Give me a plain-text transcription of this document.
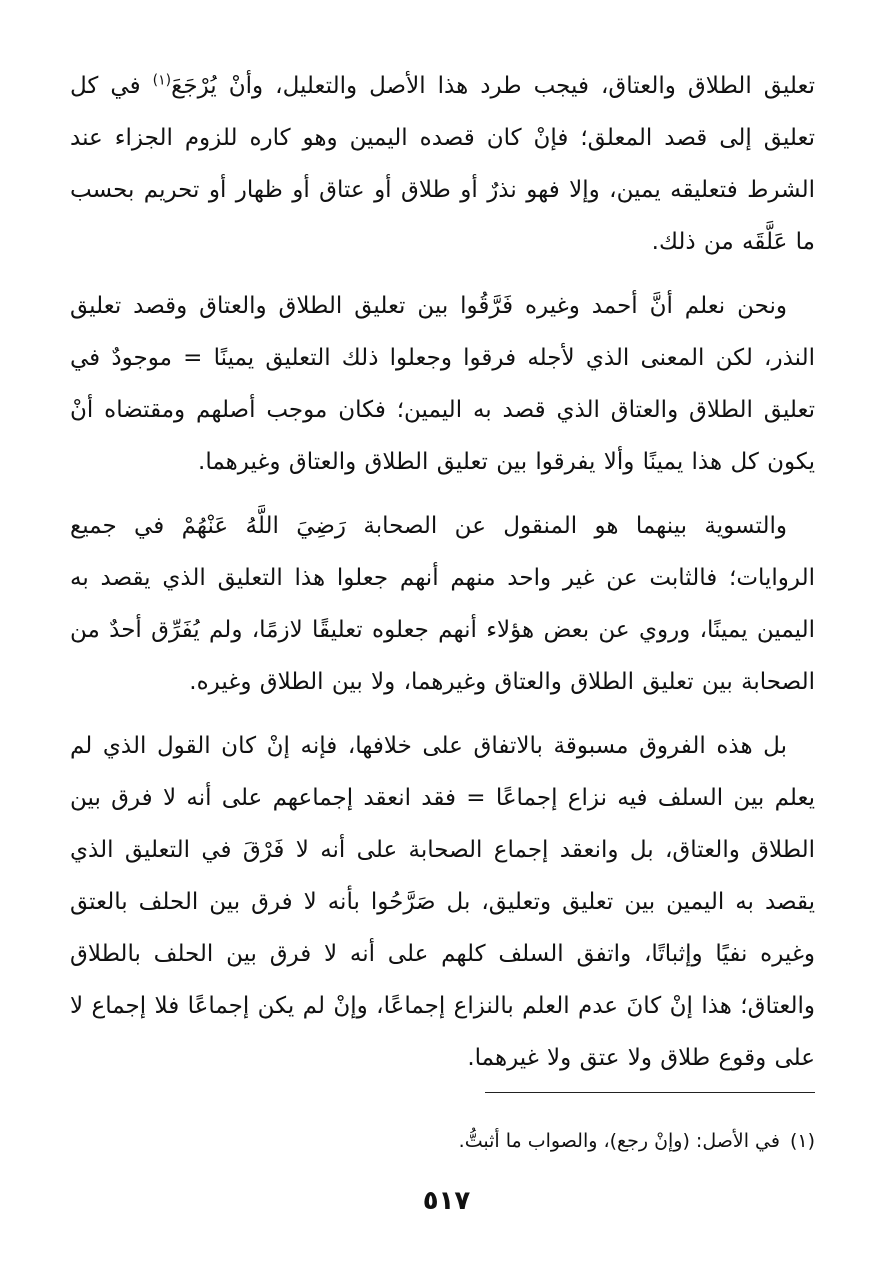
تعليق الطلاق والعتاق، فيجب طرد هذا الأصل والتعليل، وأنْ يُرْجَعَ$^{(١)}$ في كل تعليق إلى قصد المعلق؛ فإنْ كان قصده اليمين وهو كاره للزوم الجزاء عند الشرط فتعليقه يمين، وإلا فهو نذرٌ أو طلاق أو عتاق أو ظهار أو تحريم بحسب ما عَلَّقَه من ذلك.

ونحن نعلم أنَّ أحمد وغيره فَرَّقُوا بين تعليق الطلاق والعتاق وقصد تعليق النذر، لكن المعنى الذي لأجله فرقوا وجعلوا ذلك التعليق يمينًا = موجودٌ في تعليق الطلاق والعتاق الذي قصد به اليمين؛ فكان موجب أصلهم ومقتضاه أنْ يكون كل هذا يمينًا وألا يفرقوا بين تعليق الطلاق والعتاق وغيرهما.

والتسوية بينهما هو المنقول عن الصحابة رَضِيَ اللَّهُ عَنْهُمْ في جميع الروايات؛ فالثابت عن غير واحد منهم أنهم جعلوا هذا التعليق الذي يقصد به اليمين يمينًا، وروي عن بعض هؤلاء أنهم جعلوه تعليقًا لازمًا، ولم يُفَرِّق أحدٌ من الصحابة بين تعليق الطلاق والعتاق وغيرهما، ولا بين الطلاق وغيره.

بل هذه الفروق مسبوقة بالاتفاق على خلافها، فإنه إنْ كان القول الذي لم يعلم بين السلف فيه نزاع إجماعًا = فقد انعقد إجماعهم على أنه لا فرق بين الطلاق والعتاق، بل وانعقد إجماع الصحابة على أنه لا فَرْقَ في التعليق الذي يقصد به اليمين بين تعليق وتعليق، بل صَرَّحُوا بأنه لا فرق بين الحلف بالعتق وغيره نفيًا وإثباتًا، واتفق السلف كلهم على أنه لا فرق بين الحلف بالطلاق والعتاق؛ هذا إنْ كانَ عدم العلم بالنزاع إجماعًا، وإنْ لم يكن إجماعًا فلا إجماع لا على وقوع طلاق ولا عتق ولا غيرهما.

(١)في الأصل: (وإنْ رجع)، والصواب ما أثبتُّ.
٥١٧
